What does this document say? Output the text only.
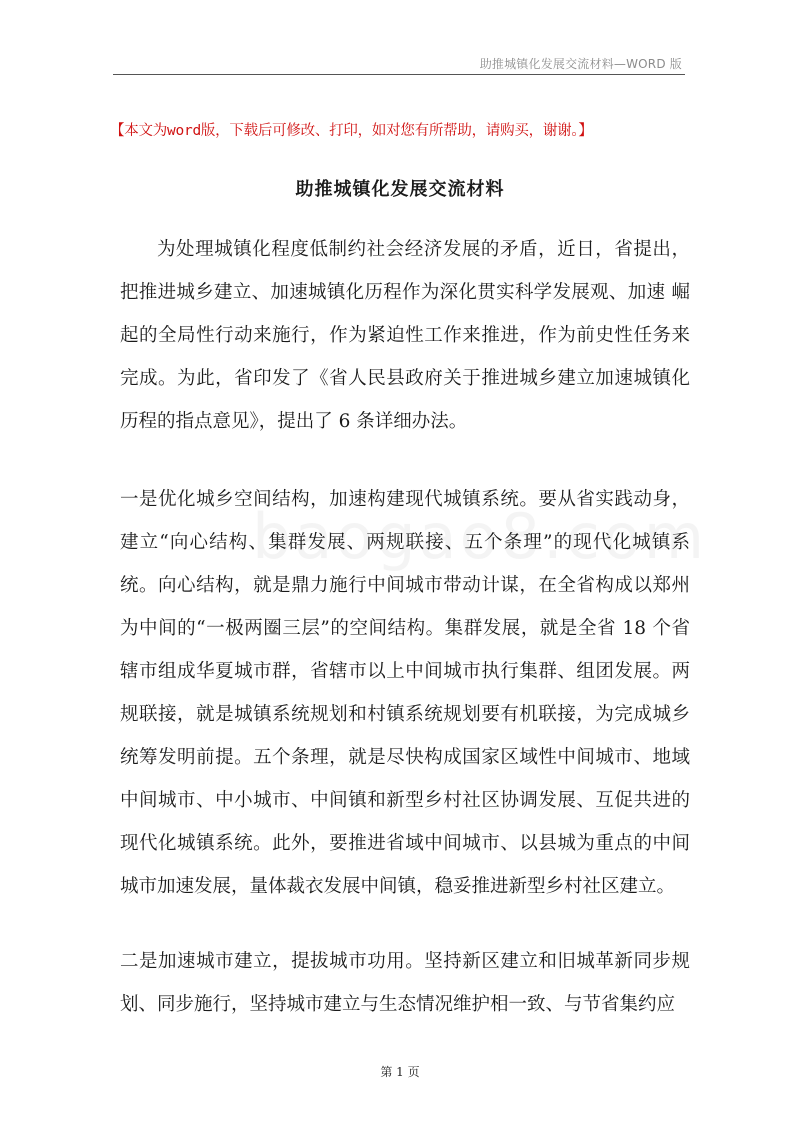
助推城镇化发展交流材料—WORD 版
【本文为word版，下载后可修改、打印，如对您有所帮助，请购买，谢谢。】
助推城镇化发展交流材料

为处理城镇化程度低制约社会经济发展的矛盾，近日，省提出，把推进城乡建立、加速城镇化历程作为深化贯实科学发展观、加速 崛起的全局性行动来施行，作为紧迫性工作来推进，作为前史性任务来完成。为此，省印发了《省人民县政府关于推进城乡建立加速城镇化历程的指点意见》，提出了 6 条详细办法。

一是优化城乡空间结构，加速构建现代城镇系统。要从省实践动身，建立“向心结构、集群发展、两规联接、五个条理”的现代化城镇系统。向心结构，就是鼎力施行中间城市带动计谋，在全省构成以郑州为中间的“一极两圈三层”的空间结构。集群发展，就是全省 18 个省辖市组成华夏城市群，省辖市以上中间城市执行集群、组团发展。两规联接，就是城镇系统规划和村镇系统规划要有机联接，为完成城乡统筹发明前提。五个条理，就是尽快构成国家区域性中间城市、地域中间城市、中小城市、中间镇和新型乡村社区协调发展、互促共进的现代化城镇系统。此外，要推进省域中间城市、以县城为重点的中间城市加速发展，量体裁衣发展中间镇，稳妥推进新型乡村社区建立。

二是加速城市建立，提拔城市功用。坚持新区建立和旧城革新同步规划、同步施行，坚持城市建立与生态情况维护相一致、与节省集约应

第 1 页
